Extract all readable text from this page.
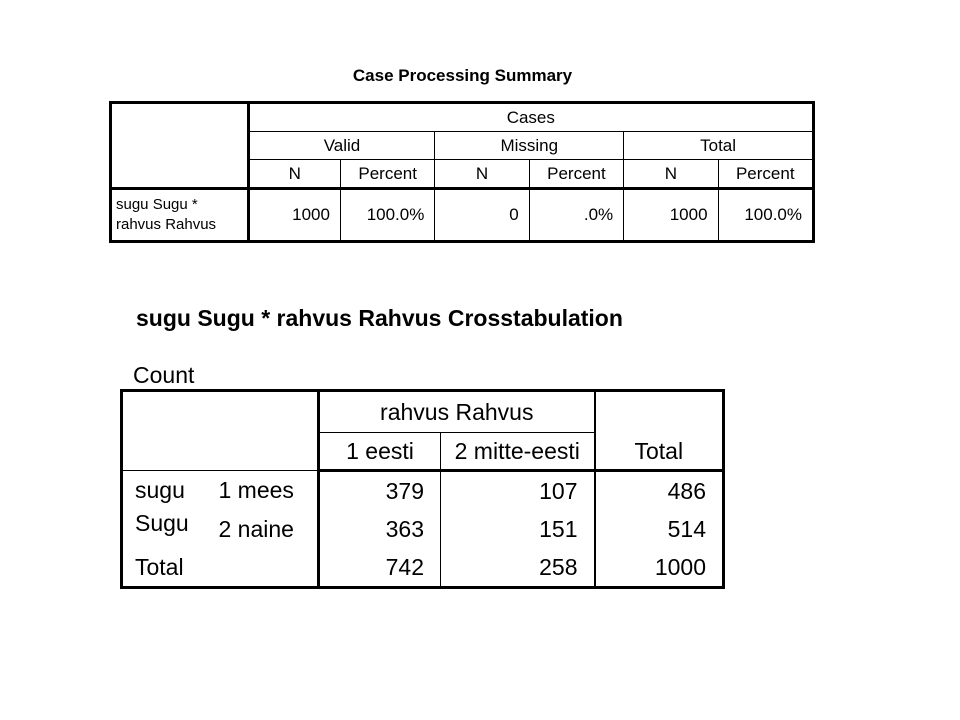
Case Processing Summary
	Cases					
	Valid		Missing		Total	
	N	Percent	N	Percent	N	Percent
sugu Sugu * rahvus Rahvus	1000	100.0%	0	.0%	1000	100.0%
sugu Sugu * rahvus Rahvus Crosstabulation
Count
		rahvus Rahvus		Total
		1 eesti	2 mitte-eesti	
sugu	1 mees	379	107	486
Sugu	2 naine	363	151	514
Total		742	258	1000
